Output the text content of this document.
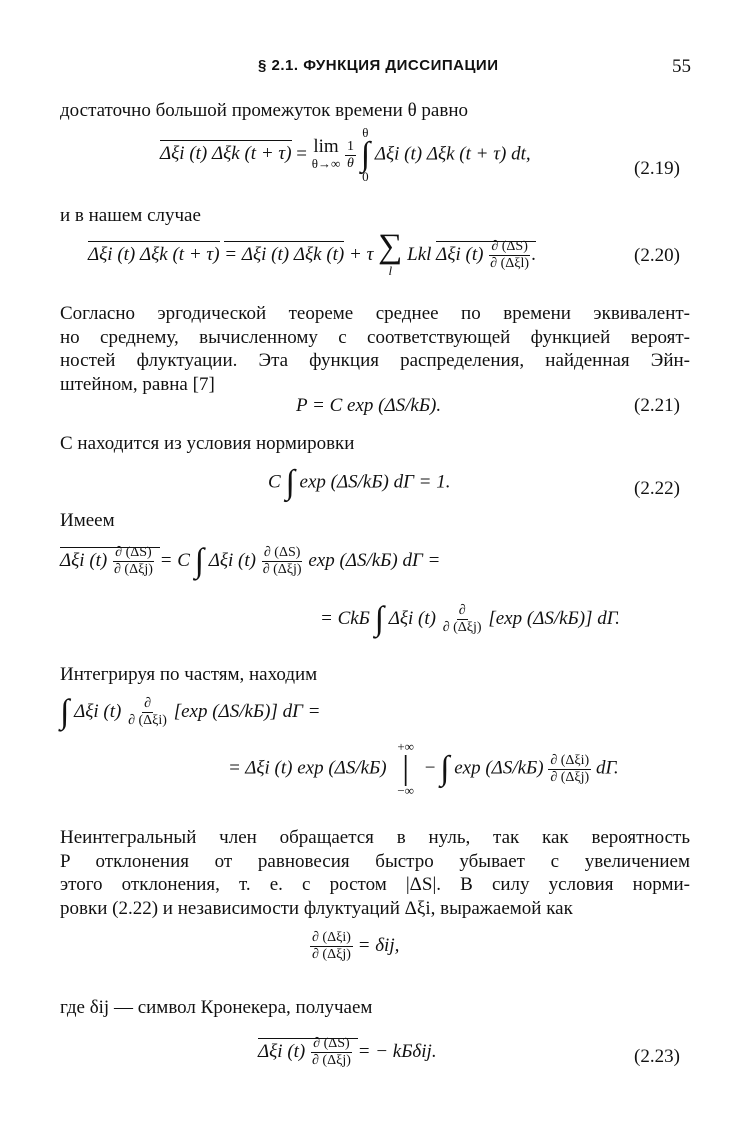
§ 2.1. ФУНКЦИЯ ДИССИПАЦИИ	55
достаточно большой промежуток времени θ равно
Δξi (t) Δξk (t + τ) = lim
θ→∞
$\frac{1}{\theta}$

θ
∫
0
Δξi (t) Δξk (t + τ) dt,
(2.19)
и в нашем случае
Δξi (t) Δξk (t + τ) = Δξi (t) Δξk (t) + τ ∑
l
Lkl Δξi $(t) \frac{\partial (\Delta S)}{\text{∂ (Δξl)}}$ .	(2.20)
Согласно эргодической теореме среднее по времени эквивалент-
но среднему, вычисленному с соответствующей функцией вероят-
ностей флуктуации. Эта функция распределения, найденная Эйн-
штейном, равна [7]
P = C exp (ΔS/kБ).	(2.21)
C находится из условия нормировки
C ∫ exp (ΔS/kБ) dΓ = 1.	(2.22)
Имеем
Δξi $(t) \frac{\partial (\Delta S)}{\text{∂ (Δξj)}} = C$ ∫ Δξi $(t) \frac{\partial (\Delta S)}{\text{∂ (Δξj)}}$ exp (ΔS/kБ) dΓ =
= CkБ ∫ Δξi $(t) \frac{\partial}{\text{∂ (Δξj)}} [\exp$ (ΔS/kБ)] dΓ.
Интегрируя по частям, находим
∫ Δξi $(t) \frac{\partial}{\text{∂ (Δξi)}} [\exp$ (ΔS/kБ)] dΓ =
= Δξi (t) exp (ΔS/kБ)
+∞
|
−∞
− ∫ $\exp (\Delta S/kБ) \frac{\text{∂ (Δξi)}}{\text{∂ (Δξj)}} d\Gamma$.
Неинтегральный член обращается в нуль, так как вероятность
P отклонения от равновесия быстро убывает с увеличением
этого отклонения, т. е. с ростом |ΔS|. В силу условия норми-
ровки (2.22) и независимости флуктуаций Δξi, выражаемой как
$\frac{\text{∂ (Δξi)}}{\text{∂ (Δξj)}} = \delta ij$,
где δij — символ Кронекера, получаем
Δξi $(t) \frac{\partial (\Delta S)}{\text{∂ (Δξj)}}$ = − kБδij.	(2.23)
